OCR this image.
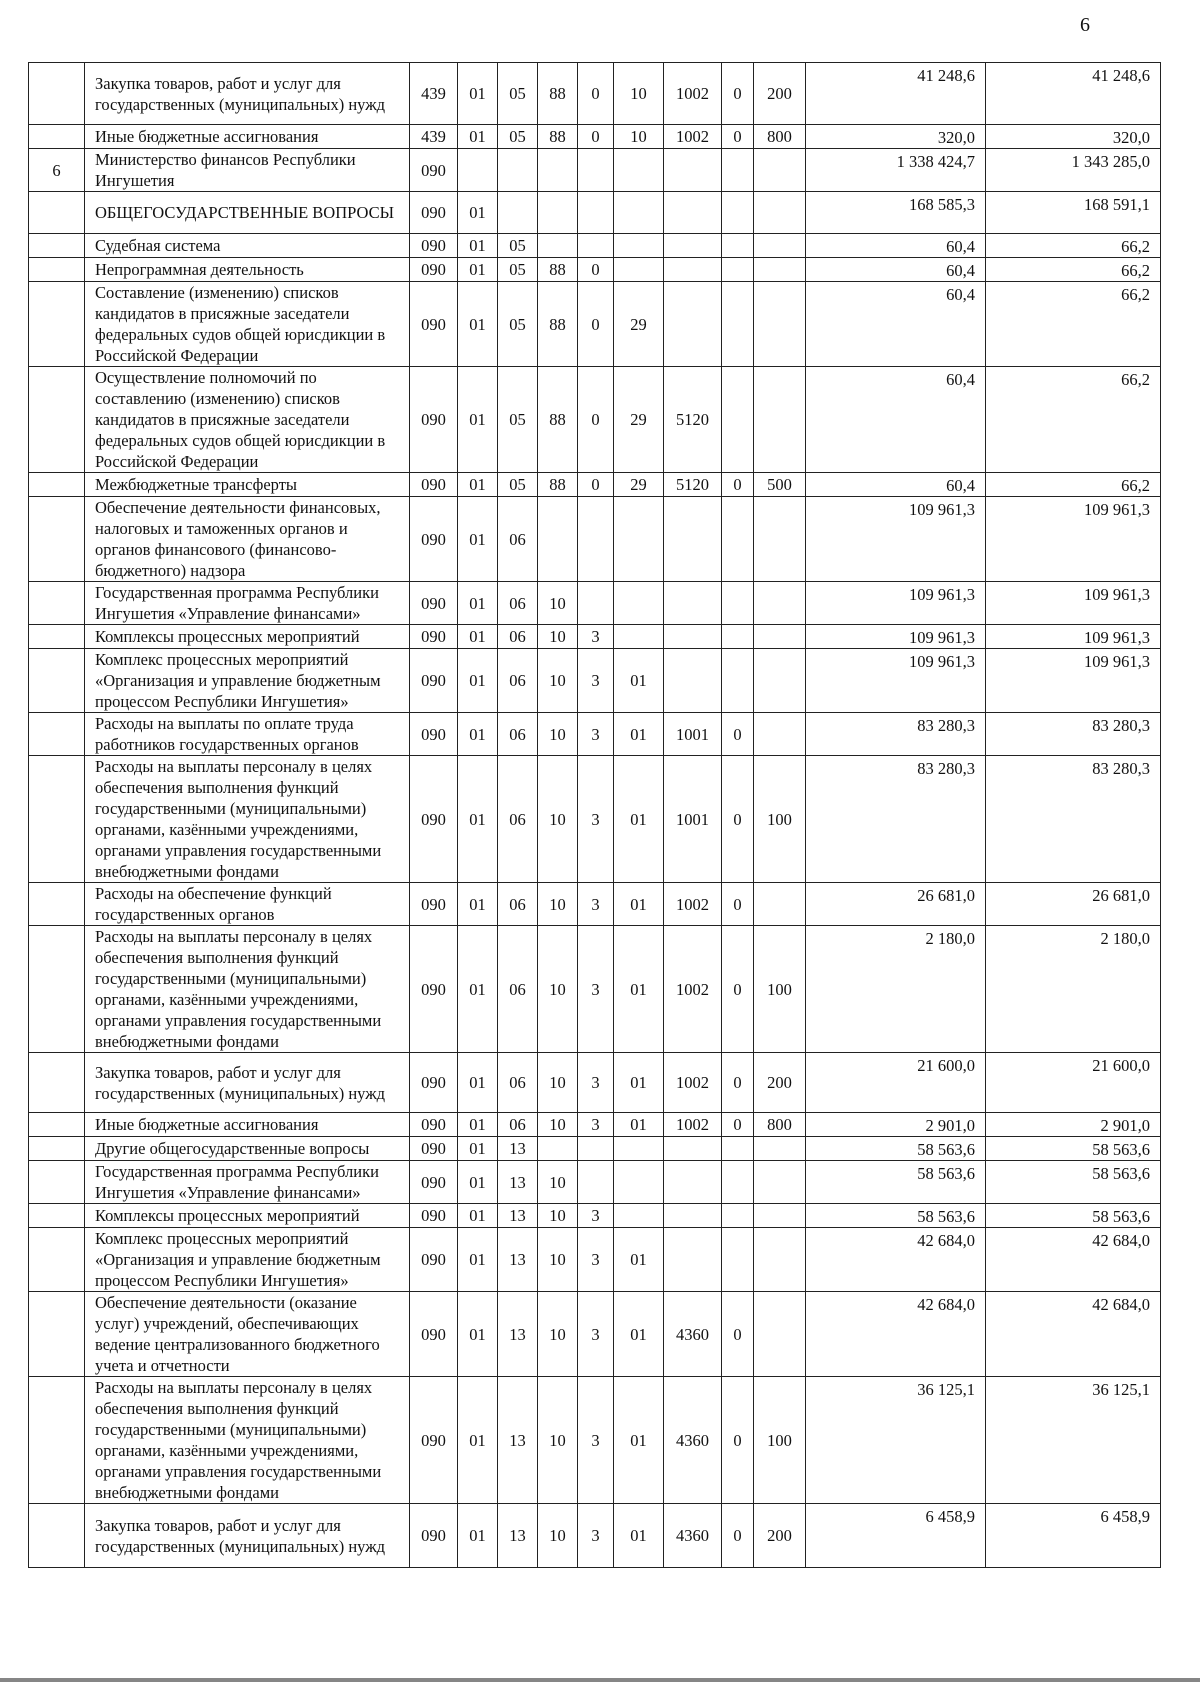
6
	Закупка товаров, работ и услуг для государственных (муниципальных) нужд	439	01	05	88	0	10	1002	0	200	41 248,6	41 248,6
	Иные бюджетные ассигнования	439	01	05	88	0	10	1002	0	800	320,0	320,0
6	Министерство финансов Республики Ингушетия	090									1 338 424,7	1 343 285,0
	ОБЩЕГОСУДАРСТВЕННЫЕ ВОПРОСЫ	090	01								168 585,3	168 591,1
	Судебная система	090	01	05							60,4	66,2
	Непрограммная деятельность	090	01	05	88	0					60,4	66,2
	Составление (изменению) списков кандидатов в присяжные заседатели федеральных судов общей юрисдикции в Российской Федерации	090	01	05	88	0	29				60,4	66,2
	Осуществление полномочий по составлению (изменению) списков кандидатов в присяжные заседатели федеральных судов общей юрисдикции в Российской Федерации	090	01	05	88	0	29	5120			60,4	66,2
	Межбюджетные трансферты	090	01	05	88	0	29	5120	0	500	60,4	66,2
	Обеспечение деятельности финансовых, налоговых и таможенных органов и органов финансового (финансово-бюджетного) надзора	090	01	06							109 961,3	109 961,3
	Государственная программа Республики Ингушетия «Управление финансами»	090	01	06	10						109 961,3	109 961,3
	Комплексы процессных мероприятий	090	01	06	10	3					109 961,3	109 961,3
	Комплекс процессных мероприятий «Организация и управление бюджетным процессом Республики Ингушетия»	090	01	06	10	3	01				109 961,3	109 961,3
	Расходы на выплаты по оплате труда работников государственных органов	090	01	06	10	3	01	1001	0		83 280,3	83 280,3
	Расходы на выплаты персоналу в целях обеспечения выполнения функций государственными (муниципальными) органами, казёнными учреждениями, органами управления государственными внебюджетными фондами	090	01	06	10	3	01	1001	0	100	83 280,3	83 280,3
	Расходы на обеспечение функций государственных органов	090	01	06	10	3	01	1002	0		26 681,0	26 681,0
	Расходы на выплаты персоналу в целях обеспечения выполнения функций государственными (муниципальными) органами, казёнными учреждениями, органами управления государственными внебюджетными фондами	090	01	06	10	3	01	1002	0	100	2 180,0	2 180,0
	Закупка товаров, работ и услуг для государственных (муниципальных) нужд	090	01	06	10	3	01	1002	0	200	21 600,0	21 600,0
	Иные бюджетные ассигнования	090	01	06	10	3	01	1002	0	800	2 901,0	2 901,0
	Другие общегосударственные вопросы	090	01	13							58 563,6	58 563,6
	Государственная программа Республики Ингушетия «Управление финансами»	090	01	13	10						58 563,6	58 563,6
	Комплексы процессных мероприятий	090	01	13	10	3					58 563,6	58 563,6
	Комплекс процессных мероприятий «Организация и управление бюджетным процессом Республики Ингушетия»	090	01	13	10	3	01				42 684,0	42 684,0
	Обеспечение деятельности (оказание услуг) учреждений, обеспечивающих ведение централизованного бюджетного учета и отчетности	090	01	13	10	3	01	4360	0		42 684,0	42 684,0
	Расходы на выплаты персоналу в целях обеспечения выполнения функций государственными (муниципальными) органами, казёнными учреждениями, органами управления государственными внебюджетными фондами	090	01	13	10	3	01	4360	0	100	36 125,1	36 125,1
	Закупка товаров, работ и услуг для государственных (муниципальных) нужд	090	01	13	10	3	01	4360	0	200	6 458,9	6 458,9
